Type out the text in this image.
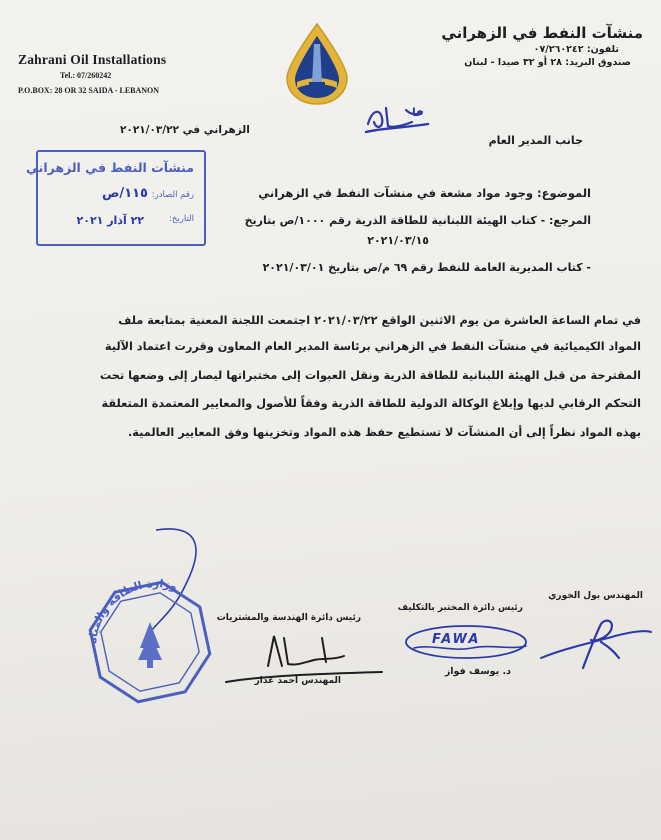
Zahrani Oil Installations
Tel.: 07/260242
P.O.BOX: 28 OR 32 SAIDA - LEBANON
منشآت النفط في الزهراني
تلفون: ٠٧/٢٦٠٢٤٢
صندوق البريد: ٢٨ أو ٣٢ صيدا - لبنان
الزهراني في ٢٠٢١/٠٣/٢٢
جانب المدير العام
عا
منشآت النفط في الزهراني
رقم الصادر:
١١٥/ص
التاريخ:
٢٢ آذار ٢٠٢١
الموضوع: وجود مواد مشعة في منشآت النفط في الزهراني
المرجع: - كتاب الهيئة اللبنانية للطاقة الذرية رقم ١٠٠٠/ص بتاريخ
٢٠٢١/٠٣/١٥
- كتاب المديرية العامة للنفط رقم ٦٩ م/ص بتاريخ ٢٠٢١/٠٣/٠١
في تمام الساعة العاشرة من يوم الاثنين الواقع ٢٠٢١/٠٣/٢٢ اجتمعت اللجنة المعنية بمتابعة ملف
المواد الكيميائية في منشآت النفط في الزهراني برئاسة المدير العام المعاون وقررت اعتماد الآلية
المقترحة من قبل الهيئة اللبنانية للطاقة الذرية ونقل العبوات إلى مختبراتها ليصار إلى وضعها تحت
التحكم الرقابي لديها وإبلاغ الوكالة الدولية للطاقة الذرية وفقاً للأصول والمعايير المعتمدة المتعلقة
بهذه المواد نظراً إلى أن المنشآت لا تستطيع حفظ هذه المواد وتخزينها وفق المعايير العالمية.
المهندس بول الخوري
رئيس دائرة المختبر بالتكليف
رئيس دائرة الهندسة والمشتريات
د. يوسف فواز
المهندس احمد غدار
FAWA
وزارة الطاقة والمياه
